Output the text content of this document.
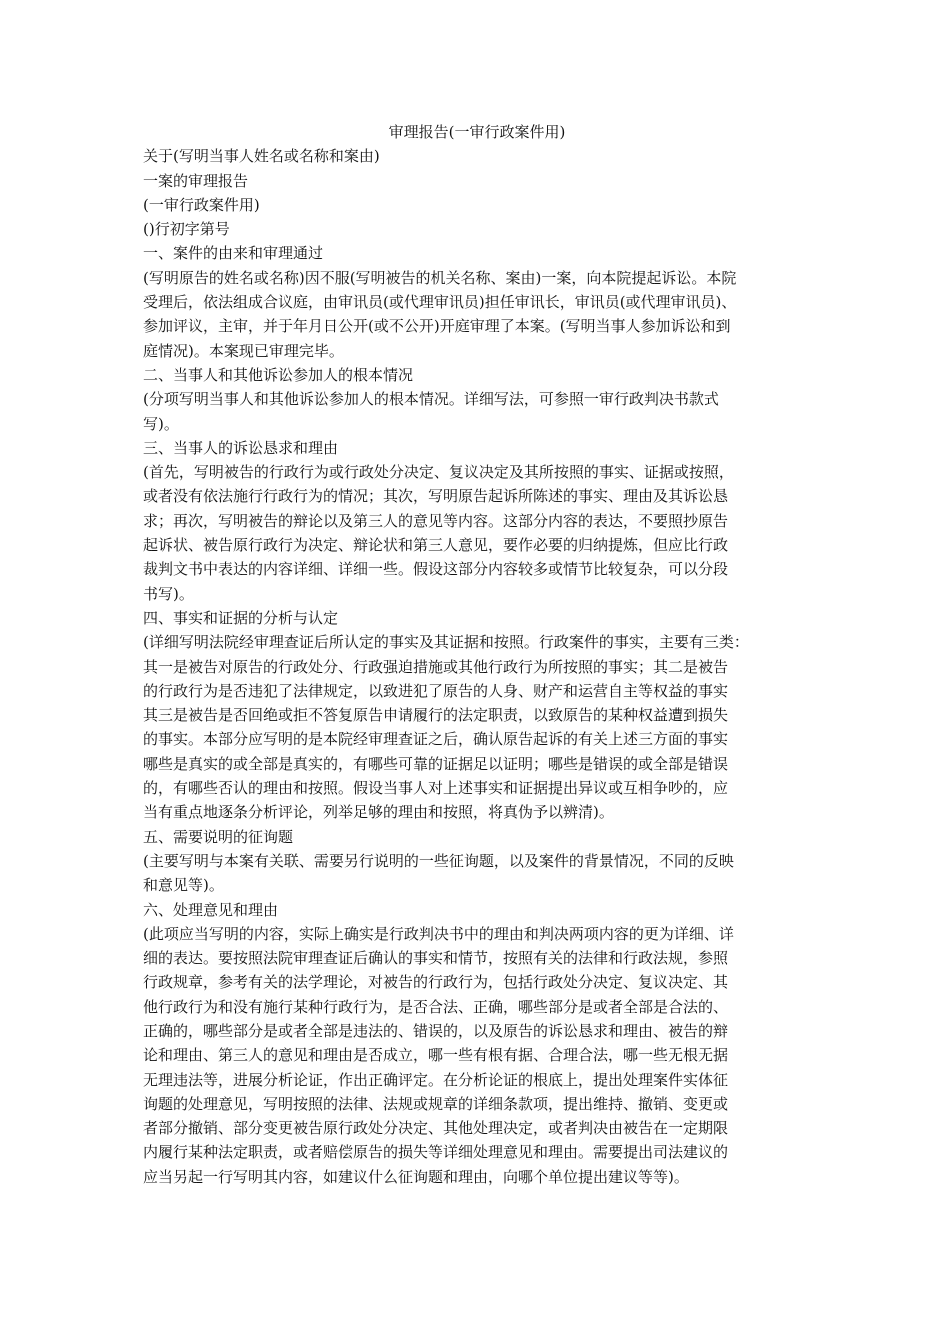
审理报告(一审行政案件用)

关于(写明当事人姓名或名称和案由)

一案的审理报告

(一审行政案件用)

()行初字第号

一、案件的由来和审理通过

(写明原告的姓名或名称)因不服(写明被告的机关名称、案由)一案，向本院提起诉讼。本院

受理后，依法组成合议庭，由审讯员(或代理审讯员)担任审讯长，审讯员(或代理审讯员)、

参加评议，主审，并于年月日公开(或不公开)开庭审理了本案。(写明当事人参加诉讼和到

庭情况)。本案现已审理完毕。

二、当事人和其他诉讼参加人的根本情况

(分项写明当事人和其他诉讼参加人的根本情况。详细写法，可参照一审行政判决书款式

写)。

三、当事人的诉讼恳求和理由

(首先，写明被告的行政行为或行政处分决定、复议决定及其所按照的事实、证据或按照，

或者没有依法施行行政行为的情况；其次，写明原告起诉所陈述的事实、理由及其诉讼恳

求；再次，写明被告的辩论以及第三人的意见等内容。这部分内容的表达，不要照抄原告

起诉状、被告原行政行为决定、辩论状和第三人意见，要作必要的归纳提炼，但应比行政

裁判文书中表达的内容详细、详细一些。假设这部分内容较多或情节比较复杂，可以分段

书写)。

四、事实和证据的分析与认定

(详细写明法院经审理查证后所认定的事实及其证据和按照。行政案件的事实，主要有三类：

其一是被告对原告的行政处分、行政强迫措施或其他行政行为所按照的事实；其二是被告

的行政行为是否违犯了法律规定，以致进犯了原告的人身、财产和运营自主等权益的事实

其三是被告是否回绝或拒不答复原告申请履行的法定职责，以致原告的某种权益遭到损失

的事实。本部分应写明的是本院经审理查证之后，确认原告起诉的有关上述三方面的事实

哪些是真实的或全部是真实的，有哪些可靠的证据足以证明；哪些是错误的或全部是错误

的，有哪些否认的理由和按照。假设当事人对上述事实和证据提出异议或互相争吵的，应

当有重点地逐条分析评论，列举足够的理由和按照，将真伪予以辨清)。

五、需要说明的征询题

(主要写明与本案有关联、需要另行说明的一些征询题，以及案件的背景情况，不同的反映

和意见等)。

六、处理意见和理由

(此项应当写明的内容，实际上确实是行政判决书中的理由和判决两项内容的更为详细、详

细的表达。要按照法院审理查证后确认的事实和情节，按照有关的法律和行政法规，参照

行政规章，参考有关的法学理论，对被告的行政行为，包括行政处分决定、复议决定、其

他行政行为和没有施行某种行政行为，是否合法、正确，哪些部分是或者全部是合法的、

正确的，哪些部分是或者全部是违法的、错误的，以及原告的诉讼恳求和理由、被告的辩

论和理由、第三人的意见和理由是否成立，哪一些有根有据、合理合法，哪一些无根无据

无理违法等，进展分析论证，作出正确评定。在分析论证的根底上，提出处理案件实体征

询题的处理意见，写明按照的法律、法规或规章的详细条款项，提出维持、撤销、变更或

者部分撤销、部分变更被告原行政处分决定、其他处理决定，或者判决由被告在一定期限

内履行某种法定职责，或者赔偿原告的损失等详细处理意见和理由。需要提出司法建议的

应当另起一行写明其内容，如建议什么征询题和理由，向哪个单位提出建议等等)。
